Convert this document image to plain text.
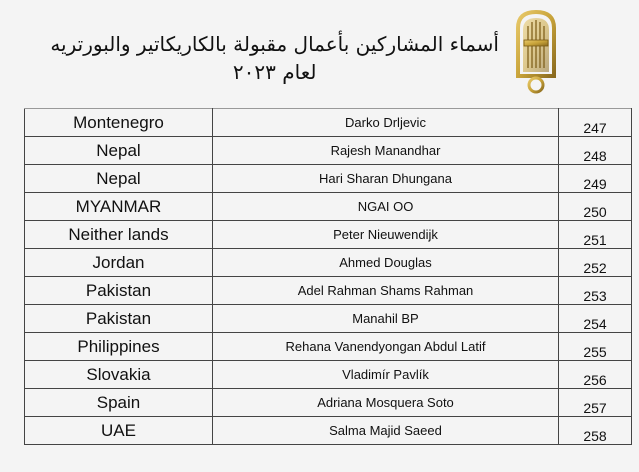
أسماء المشاركين بأعمال مقبولة بالكاريكاتير والبورتريه
لعام ٢٠٢٣
Montenegro	Darko Drljevic	247
Nepal	Rajesh Manandhar	248
Nepal	Hari Sharan Dhungana	249
MYANMAR	NGAI OO	250
Neither lands	Peter Nieuwendijk	251
Jordan	Ahmed Douglas	252
Pakistan	Adel Rahman Shams Rahman	253
Pakistan	Manahil BP	254
Philippines	Rehana Vanendyongan Abdul Latif	255
Slovakia	Vladimír Pavlík	256
Spain	Adriana Mosquera Soto	257
UAE	Salma Majid Saeed	258
